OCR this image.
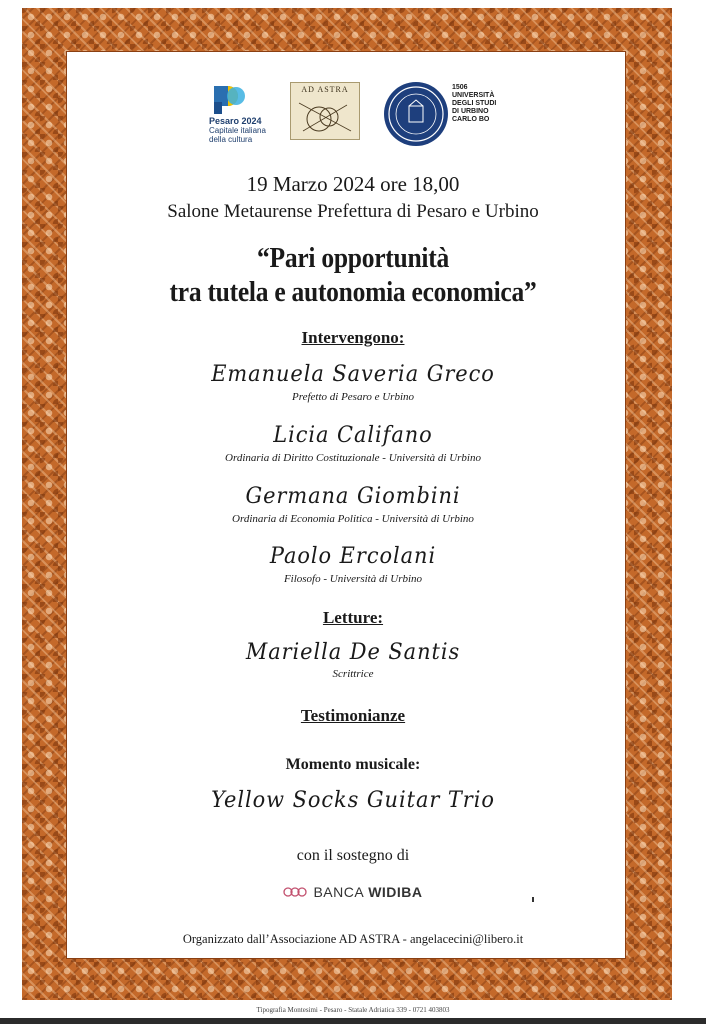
Pesaro 2024
Capitale italiana
della cultura
AD ASTRA	1506
UNIVERSITÀ
DEGLI STUDI
DI URBINO
CARLO BO
19 Marzo 2024 ore 18,00
Salone Metaurense Prefettura di Pesaro e Urbino
“Pari opportunità
tra tutela e autonomia economica”
Intervengono:
Emanuela Saveria Greco
Prefetto di Pesaro e Urbino
Licia Califano
Ordinaria di Diritto Costituzionale - Università di Urbino
Germana Giombini
Ordinaria di Economia Politica - Università di Urbino
Paolo Ercolani
Filosofo - Università di Urbino
Letture:
Mariella De Santis
Scrittrice
Testimonianze
Momento musicale:
Yellow Socks Guitar Trio
con il sostegno di
BANCA WIDIBA
Organizzato dall’Associazione AD ASTRA - angelacecini@libero.it
Tipografia Montesimi - Pesaro - Statale Adriatica 339 - 0721 403803
